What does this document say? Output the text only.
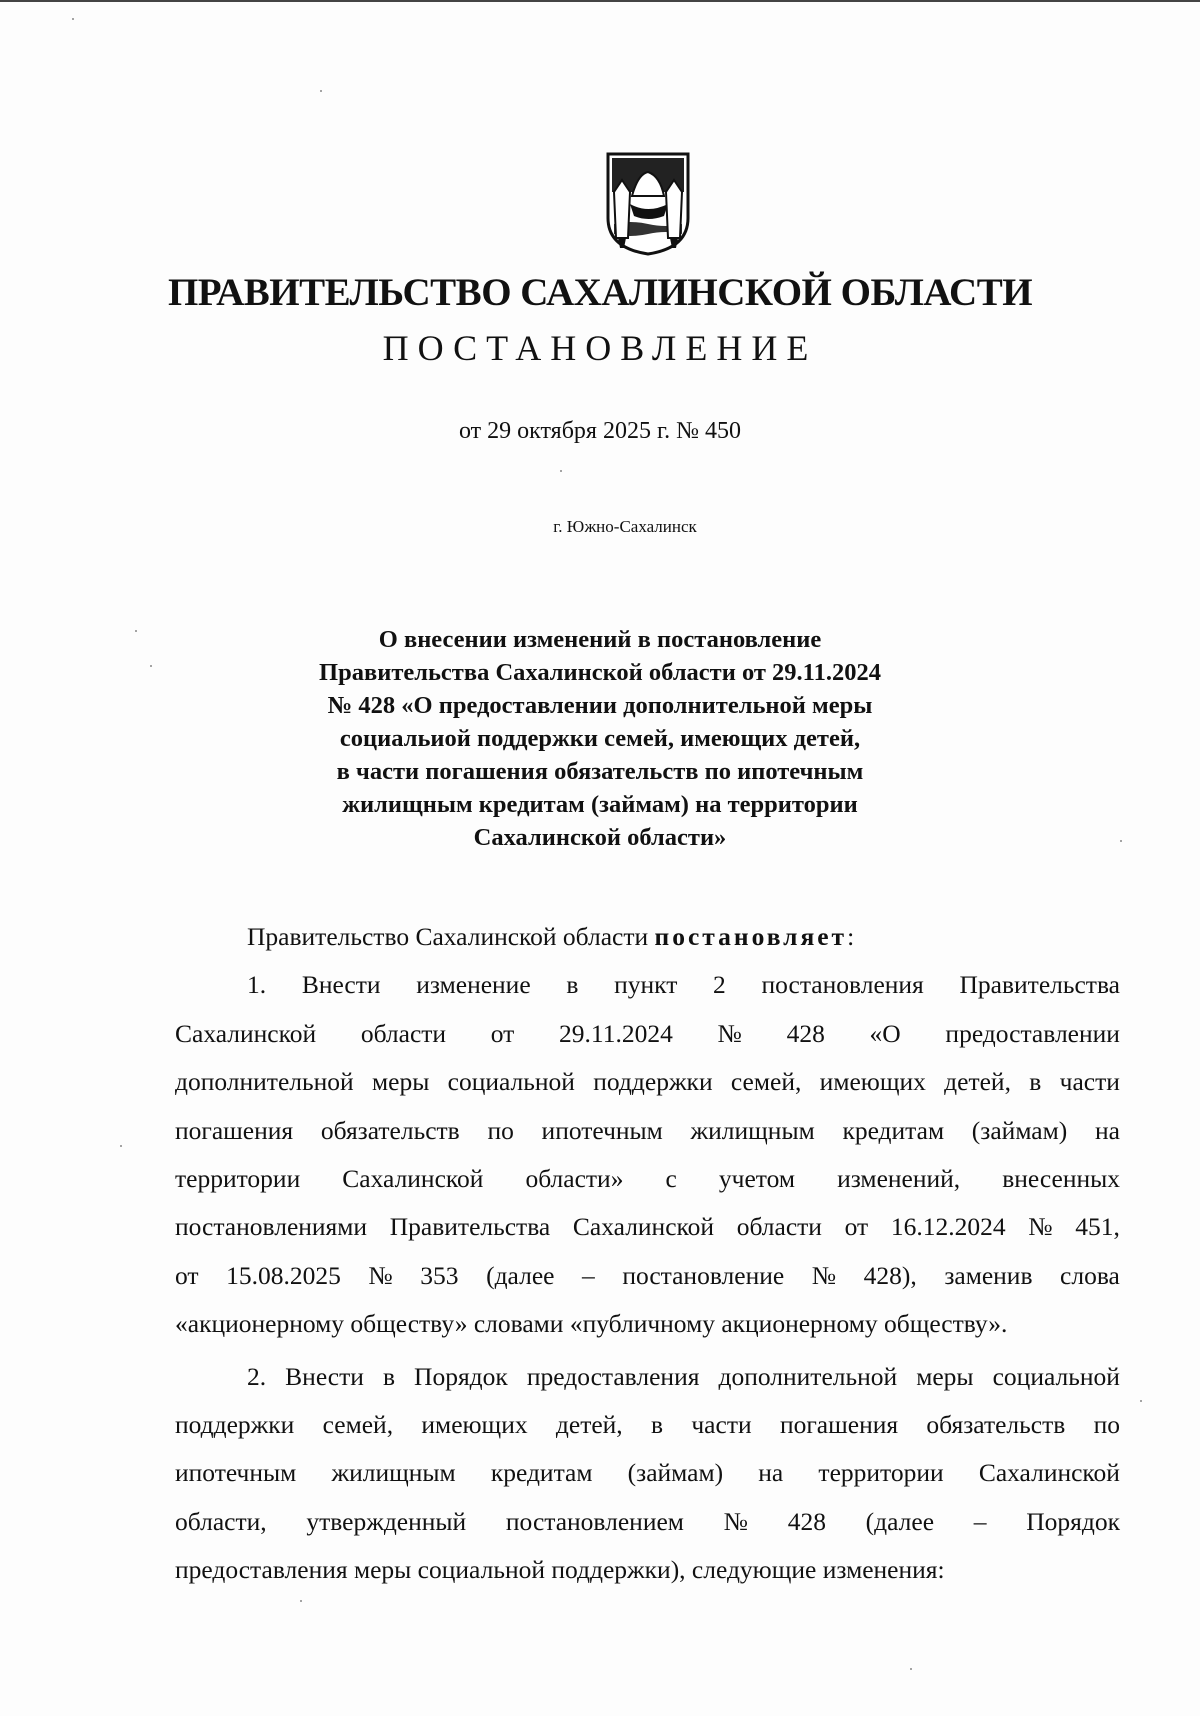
ПРАВИТЕЛЬСТВО САХАЛИНСКОЙ ОБЛАСТИ
ПОСТАНОВЛЕНИЕ
от 29 октября 2025 г. № 450
г. Южно-Сахалинск
О внесении изменений в постановление
Правительства Сахалинской области от 29.11.2024
№ 428 «О предоставлении дополнительной меры
социальиой поддержки семей, имеющих детей,
в части погашения обязательств по ипотечным
жилищным кредитам (займам) на территории
Сахалинской области»
Правительство Сахалинской области
постановляет :
1. Внести изменение в пункт 2 постановления Правительства
Сахалинской области от 29.11.2024 № 428 «О предоставлении
дополнительной меры социальной поддержки семей, имеющих детей, в части
погашения обязательств по ипотечным жилищным кредитам (займам) на
территории Сахалинской области» с учетом изменений, внесенных
постановлениями Правительства Сахалинской области от 16.12.2024 № 451,
от 15.08.2025 № 353 (далее – постановление № 428), заменив слова
«акционерному обществу» словами «публичному акционерному обществу».
2. Внести в Порядок предоставления дополнительной меры социальной
поддержки семей, имеющих детей, в части погашения обязательств по
ипотечным жилищным кредитам (займам) на территории Сахалинской
области, утвержденный постановлением № 428 (далее – Порядок
предоставления меры социальной поддержки), следующие изменения:
